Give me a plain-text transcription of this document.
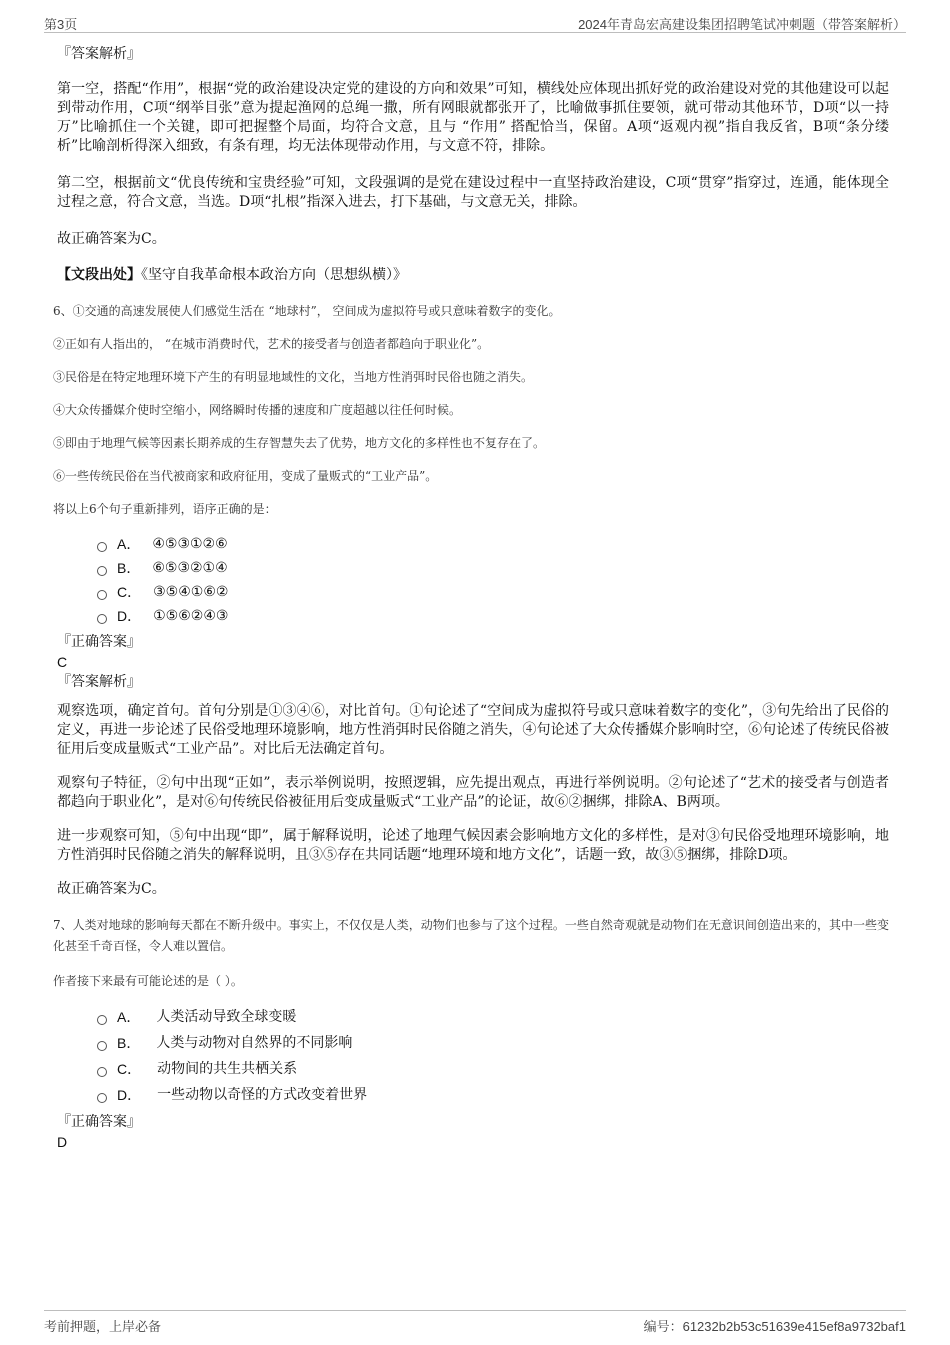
第3页	2024年青岛宏高建设集团招聘笔试冲刺题（带答案解析）

『答案解析』

第一空，搭配“作用”，根据“党的政治建设决定党的建设的方向和效果”可知，横线处应体现出抓好党的政治建设对党的其他建设可以起到带动作用，C项“纲举目张”意为提起渔网的总绳一撒，所有网眼就都张开了，比喻做事抓住要领，就可带动其他环节，D项“以一持万”比喻抓住一个关键，即可把握整个局面，均符合文意，且与 “作用” 搭配恰当，保留。A项“返观内视”指自我反省，B项“条分缕析”比喻剖析得深入细致，有条有理，均无法体现带动作用，与文意不符，排除。

第二空，根据前文“优良传统和宝贵经验”可知，文段强调的是党在建设过程中一直坚持政治建设，C项“贯穿”指穿过，连通，能体现全过程之意，符合文意，当选。D项“扎根”指深入进去，打下基础，与文意无关，排除。

故正确答案为C。

【文段出处】《坚守自我革命根本政治方向（思想纵横）》

6、①交通的高速发展使人们感觉生活在 “地球村”， 空间成为虚拟符号或只意味着数字的变化。

②正如有人指出的， “在城市消费时代，艺术的接受者与创造者都趋向于职业化”。

③民俗是在特定地理环境下产生的有明显地域性的文化，当地方性消弭时民俗也随之消失。

④大众传播媒介使时空缩小，网络瞬时传播的速度和广度超越以往任何时候。

⑤即由于地理气候等因素长期养成的生存智慧失去了优势，地方文化的多样性也不复存在了。

⑥一些传统民俗在当代被商家和政府征用，变成了量贩式的“工业产品”。

将以上6个句子重新排列，语序正确的是：

A． ④⑤③①②⑥
B． ⑥⑤③②①④
C． ③⑤④①⑥②
D． ①⑤⑥②④③

『正确答案』

C

『答案解析』

观察选项，确定首句。首句分别是①③④⑥，对比首句。①句论述了“空间成为虚拟符号或只意味着数字的变化”，③句先给出了民俗的定义，再进一步论述了民俗受地理环境影响，地方性消弭时民俗随之消失，④句论述了大众传播媒介影响时空，⑥句论述了传统民俗被征用后变成量贩式“工业产品”。对比后无法确定首句。

观察句子特征，②句中出现“正如”，表示举例说明，按照逻辑，应先提出观点，再进行举例说明。②句论述了“艺术的接受者与创造者都趋向于职业化”，是对⑥句传统民俗被征用后变成量贩式“工业产品”的论证，故⑥②捆绑，排除A、B两项。

进一步观察可知，⑤句中出现“即”，属于解释说明，论述了地理气候因素会影响地方文化的多样性，是对③句民俗受地理环境影响，地方性消弭时民俗随之消失的解释说明，且③⑤存在共同话题“地理环境和地方文化”，话题一致，故③⑤捆绑，排除D项。

故正确答案为C。

7、人类对地球的影响每天都在不断升级中。事实上，不仅仅是人类，动物们也参与了这个过程。一些自然奇观就是动物们在无意识间创造出来的，其中一些变化甚至千奇百怪，令人难以置信。

作者接下来最有可能论述的是（ ）。

A． 人类活动导致全球变暖
B． 人类与动物对自然界的不同影响
C． 动物间的共生共栖关系
D． 一些动物以奇怪的方式改变着世界

『正确答案』

D

考前押题，上岸必备	编号：61232b2b53c51639e415ef8a9732baf1
